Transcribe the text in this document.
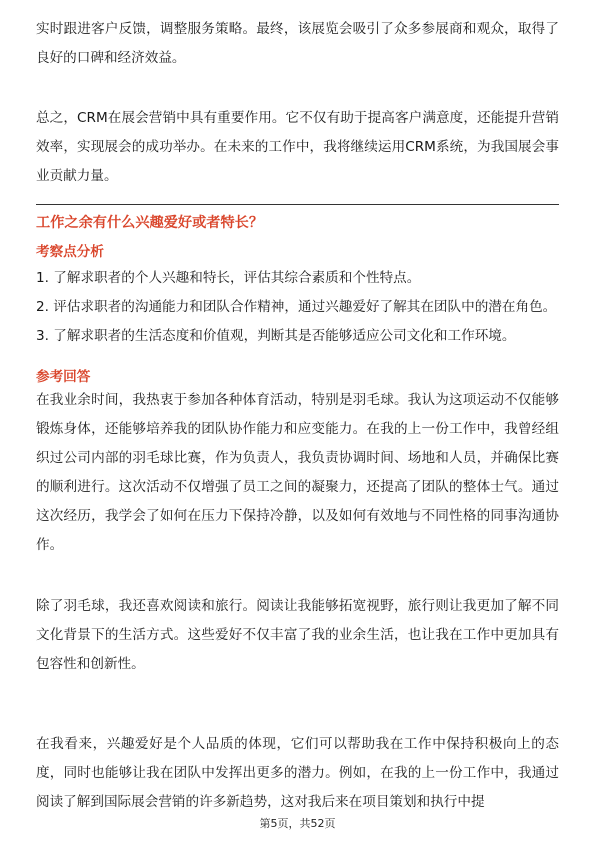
实时跟进客户反馈，调整服务策略。最终，该展览会吸引了众多参展商和观众，取得了良好的口碑和经济效益。

总之，CRM在展会营销中具有重要作用。它不仅有助于提高客户满意度，还能提升营销效率，实现展会的成功举办。在未来的工作中，我将继续运用CRM系统，为我国展会事业贡献力量。

工作之余有什么兴趣爱好或者特长？

考察点分析

1. 了解求职者的个人兴趣和特长，评估其综合素质和个性特点。

2. 评估求职者的沟通能力和团队合作精神，通过兴趣爱好了解其在团队中的潜在角色。

3. 了解求职者的生活态度和价值观，判断其是否能够适应公司文化和工作环境。

参考回答

在我业余时间，我热衷于参加各种体育活动，特别是羽毛球。我认为这项运动不仅能够锻炼身体，还能够培养我的团队协作能力和应变能力。在我的上一份工作中，我曾经组织过公司内部的羽毛球比赛，作为负责人，我负责协调时间、场地和人员，并确保比赛的顺利进行。这次活动不仅增强了员工之间的凝聚力，还提高了团队的整体士气。通过这次经历，我学会了如何在压力下保持冷静，以及如何有效地与不同性格的同事沟通协作。

除了羽毛球，我还喜欢阅读和旅行。阅读让我能够拓宽视野，旅行则让我更加了解不同文化背景下的生活方式。这些爱好不仅丰富了我的业余生活，也让我在工作中更加具有包容性和创新性。

在我看来，兴趣爱好是个人品质的体现，它们可以帮助我在工作中保持积极向上的态度，同时也能够让我在团队中发挥出更多的潜力。例如，在我的上一份工作中，我通过阅读了解到国际展会营销的许多新趋势，这对我后来在项目策划和执行中提

第5页，共52页
